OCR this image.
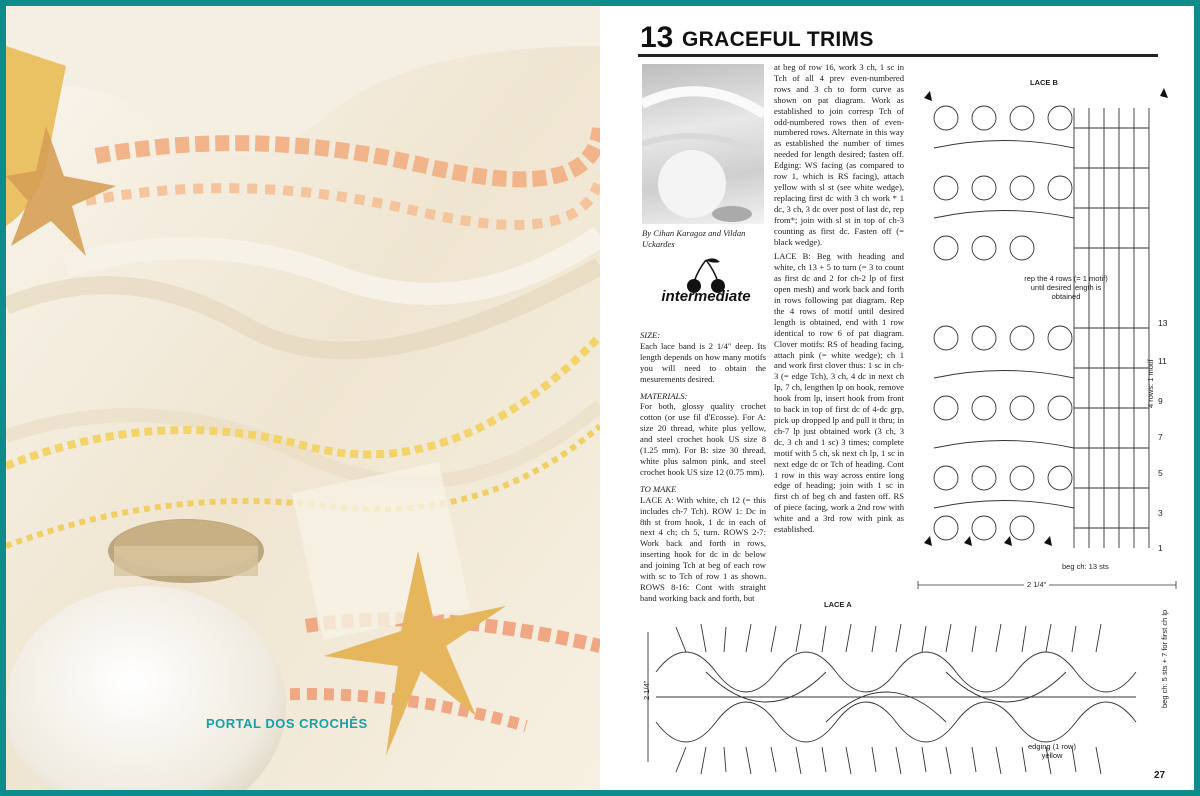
PORTAL DOS CROCHÊS
13 GRACEFUL TRIMS
By Cihan Karagoz and Vildan Uckardes
intermediate
SIZE:

Each lace band is 2 1/4" deep. Its length depends on how many motifs you will need to obtain the mesurements desired.

MATERIALS:

For both, glossy quality crochet cotton (or use fil d'Ecosse). For A: size 20 thread, white plus yellow, and steel crochet hook US size 8 (1.25 mm). For B: size 30 thread, white plus salmon pink, and steel crochet hook US size 12 (0.75 mm).

TO MAKE

LACE A: With white, ch 12 (= this includes ch-7 Tch). ROW 1: Dc in 8th st from hook, 1 dc in each of next 4 ch; ch 5, turn. ROWS 2-7: Work back and forth in rows, inserting hook for dc in dc below and joining Tch at beg of each row with sc to Tch of row 1 as shown. ROWS 8-16: Cont with straight band working back and forth, but

at beg of row 16, work 3 ch, 1 sc in Tch of all 4 prev even-numbered rows and 3 ch to form curve as shown on pat diagram. Work as established to join corresp Tch of odd-numbered rows then of even-numbered rows. Alternate in this way as established the number of times needed for length desired; fasten off. Edging: WS facing (as compared to row 1, which is RS facing), attach yellow with sl st (see white wedge), replacing first dc with 3 ch work * 1 dc, 3 ch, 3 dc over post of last dc, rep from*; join with sl st in top of ch-3 counting as first dc. Fasten off (= black wedge).

LACE B: Beg with heading and white, ch 13 + 5 to turn (= 3 to count as first dc and 2 for ch-2 lp of first open mesh) and work back and forth in rows following pat diagram. Rep the 4 rows of motif until desired length is obtained, end with 1 row identical to row 6 of pat diagram. Clover motifs: RS of heading facing, attach pink (= white wedge); ch 1 and work first clover thus: 1 sc in ch-3 (= edge Tch), 3 ch, 4 dc in next ch lp, 7 ch, lengthen lp on hook, remove hook from lp, insert hook from front to back in top of first dc of 4-dc grp, pick up dropped lp and pull it thru; in ch-7 lp just obtained work (3 ch, 3 dc, 3 ch and 1 sc) 3 times; complete motif with 5 ch, sk next ch lp, 1 sc in next edge dc or Tch of heading. Cont 1 row in this way across entire long edge of heading; join with 1 sc in first ch of beg ch and fasten off. RS of piece facing, work a 2nd row with white and a 3rd row with pink as established.

LACE B
rep the 4 rows (= 1 motif) until desired length is obtained
4 rows: 1 motif
beg ch: 13 sts
2 1/4"
13
11
9
7
5
3
1
LACE A
2 1/4"	beg ch: 5 sts + 7 for first ch lp
edging (1 row) yellow
27
